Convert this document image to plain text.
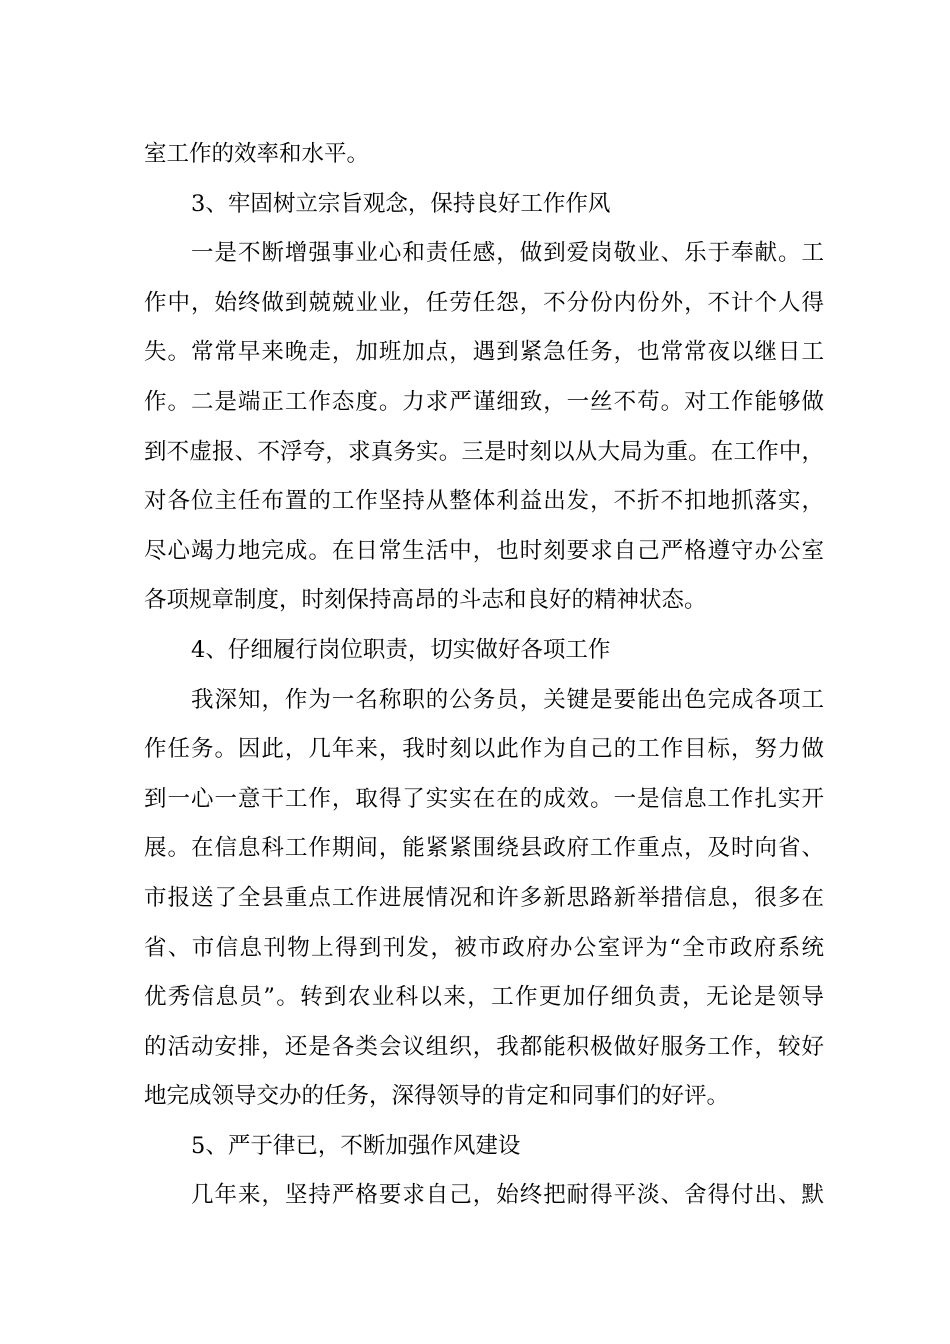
室工作的效率和水平。
3、牢固树立宗旨观念，保持良好工作作风
一是不断增强事业心和责任感，做到爱岗敬业、乐于奉献。工
作中，始终做到兢兢业业，任劳任怨，不分份内份外，不计个人得
失。常常早来晚走，加班加点，遇到紧急任务，也常常夜以继日工
作。二是端正工作态度。力求严谨细致，一丝不苟。对工作能够做
到不虚报、不浮夸，求真务实。三是时刻以从大局为重。在工作中，
对各位主任布置的工作坚持从整体利益出发，不折不扣地抓落实，
尽心竭力地完成。在日常生活中，也时刻要求自己严格遵守办公室
各项规章制度，时刻保持高昂的斗志和良好的精神状态。
4、仔细履行岗位职责，切实做好各项工作
我深知，作为一名称职的公务员，关键是要能出色完成各项工
作任务。因此，几年来，我时刻以此作为自己的工作目标，努力做
到一心一意干工作，取得了实实在在的成效。一是信息工作扎实开
展。在信息科工作期间，能紧紧围绕县政府工作重点，及时向省、
市报送了全县重点工作进展情况和许多新思路新举措信息，很多在
省、市信息刊物上得到刊发，被市政府办公室评为“全市政府系统
优秀信息员”。转到农业科以来，工作更加仔细负责，无论是领导
的活动安排，还是各类会议组织，我都能积极做好服务工作，较好
地完成领导交办的任务，深得领导的肯定和同事们的好评。
5、严于律已，不断加强作风建设
几年来，坚持严格要求自己，始终把耐得平淡、舍得付出、默
